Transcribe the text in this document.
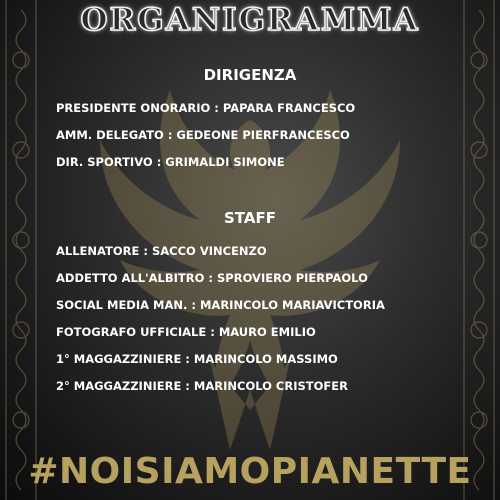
ORGANIGRAMMA
DIRIGENZA
PRESIDENTE ONORARIO : PAPARA FRANCESCO
AMM. DELEGATO : GEDEONE PIERFRANCESCO
DIR. SPORTIVO : GRIMALDI SIMONE
STAFF
ALLENATORE : SACCO VINCENZO
ADDETTO ALL'ALBITRO : SPROVIERO PIERPAOLO
SOCIAL MEDIA MAN. : MARINCOLO MARIAVICTORIA
FOTOGRAFO UFFICIALE : MAURO EMILIO
1° MAGGAZZINIERE : MARINCOLO MASSIMO
2° MAGGAZZINIERE : MARINCOLO CRISTOFER
#NOISIAMOPIANETTE
